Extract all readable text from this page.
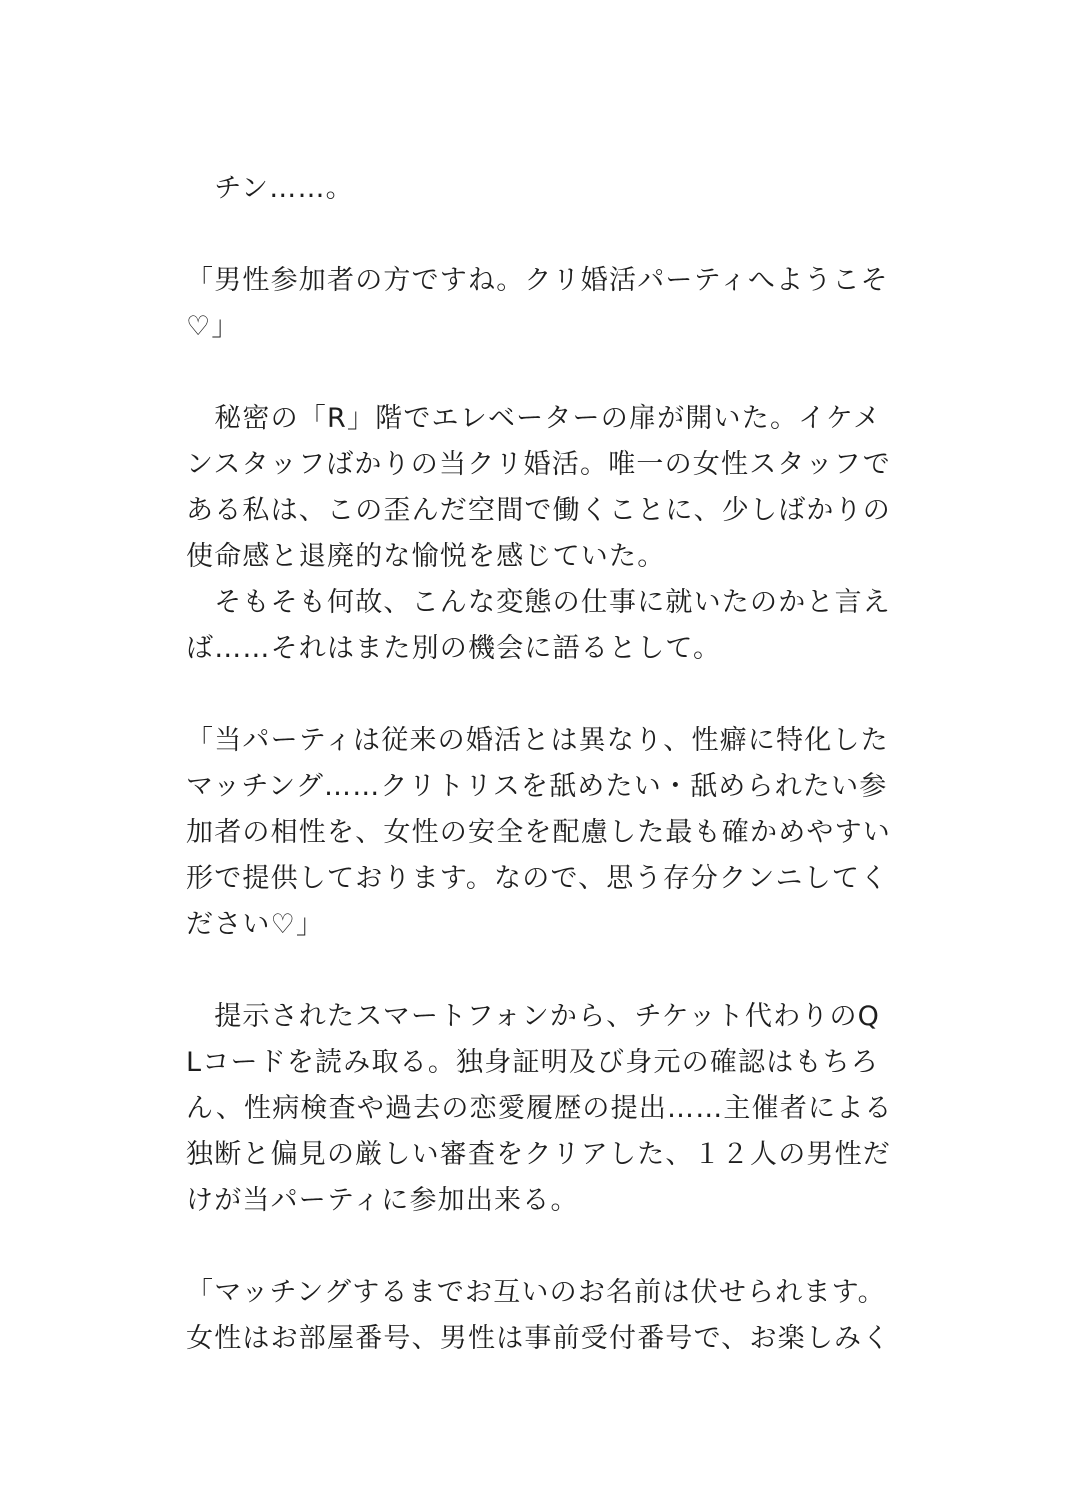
　チン……。
「男性参加者の方ですね。クリ婚活パーティへようこそ
♡」
　秘密の「R」階でエレベーターの扉が開いた。イケメ
ンスタッフばかりの当クリ婚活。唯一の女性スタッフで
ある私は、この歪んだ空間で働くことに、少しばかりの
使命感と退廃的な愉悦を感じていた。
　そもそも何故、こんな変態の仕事に就いたのかと言え
ば……それはまた別の機会に語るとして。
「当パーティは従来の婚活とは異なり、性癖に特化した
マッチング……クリトリスを舐めたい・舐められたい参
加者の相性を、女性の安全を配慮した最も確かめやすい
形で提供しております。なので、思う存分クンニしてく
ださい♡」
　提示されたスマートフォンから、チケット代わりのQ
Lコードを読み取る。独身証明及び身元の確認はもちろ
ん、性病検査や過去の恋愛履歴の提出……主催者による
独断と偏見の厳しい審査をクリアした、１２人の男性だ
けが当パーティに参加出来る。
「マッチングするまでお互いのお名前は伏せられます。
女性はお部屋番号、男性は事前受付番号で、お楽しみく
